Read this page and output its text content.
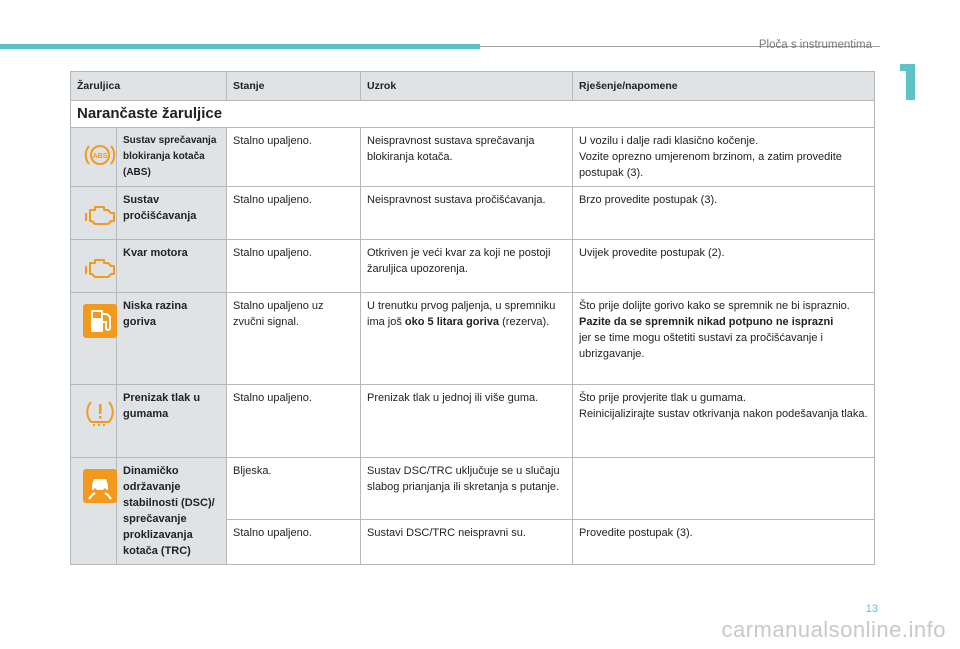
Ploča s instrumentima
Žaruljica		Stanje	Uzrok	Rješenje/napomene
Narančaste žaruljice				

ABS	Sustav sprečavanja blokiranja kotača (ABS)	Stalno upaljeno.	Neispravnost sustava sprečavanja blokiranja kotača.	U vozilu i dalje radi klasično kočenje.
Vozite oprezno umjerenom brzinom, a zatim provedite postupak (3).

	Sustav pročišćavanja	Stalno upaljeno.	Neispravnost sustava pročišćavanja.	Brzo provedite postupak (3).

	Kvar motora	Stalno upaljeno.	Otkriven je veći kvar za koji ne postoji žaruljica upozorenja.	Uvijek provedite postupak (2).

	Niska razina goriva	Stalno upaljeno uz zvučni signal.	U trenutku prvog paljenja, u spremniku ima još oko 5 litara goriva (rezerva).	Što prije dolijte gorivo kako se spremnik ne bi ispraznio.
Pazite da se spremnik nikad potpuno ne isprazni
jer se time mogu oštetiti sustavi za pročišćavanje i ubrizgavanje.

	Prenizak tlak u gumama	Stalno upaljeno.	Prenizak tlak u jednoj ili više guma.	Što prije provjerite tlak u gumama.
Reinicijalizirajte sustav otkrivanja nakon podešavanja tlaka.

	Dinamičko održavanje stabilnosti (DSC)/ sprečavanje proklizavanja kotača (TRC)	Bljeska.	Sustav DSC/TRC uključuje se u slučaju slabog prianjanja ili skretanja s putanje.	
		Stalno upaljeno.	Sustavi DSC/TRC neispravni su.	Provedite postupak (3).
13
carmanualsonline.info
